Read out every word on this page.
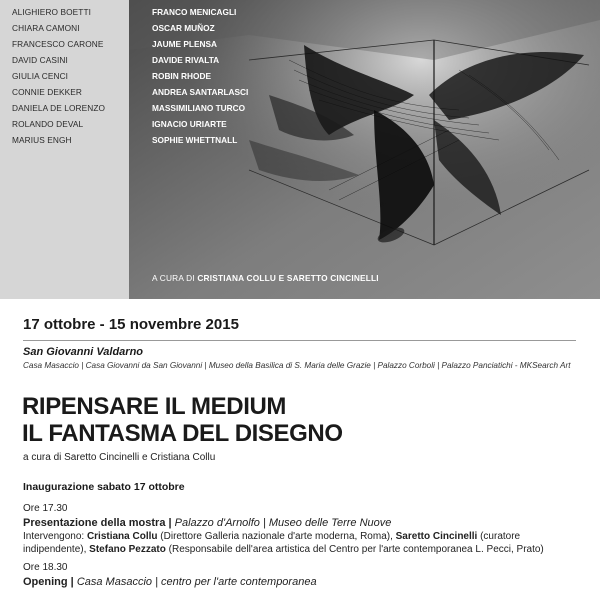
ALIGHIERO BOETTI
CHIARA CAMONI
FRANCESCO CARONE
DAVID CASINI
GIULIA CENCI
CONNIE DEKKER
DANIELA DE LORENZO
ROLANDO DEVAL
MARIUS ENGH
FRANCO MENICAGLI
OSCAR MUÑOZ
JAUME PLENSA
DAVIDE RIVALTA
ROBIN RHODE
ANDREA SANTARLASCI
MASSIMILIANO TURCO
IGNACIO URIARTE
SOPHIE WHETTNALL
A CURA DI CRISTIANA COLLU E SARETTO CINCINELLI
17 ottobre - 15 novembre 2015
San Giovanni Valdarno
Casa Masaccio | Casa Giovanni da San Giovanni | Museo della Basilica di S. Maria delle Grazie | Palazzo Corboli | Palazzo Panciatichi - MKSearch Art
RIPENSARE IL MEDIUM
IL FANTASMA DEL DISEGNO
a cura di Saretto Cincinelli e Cristiana Collu
Inaugurazione sabato 17 ottobre
Ore 17.30
Presentazione della mostra | Palazzo d'Arnolfo | Museo delle Terre Nuove
Intervengono: Cristiana Collu (Direttore Galleria nazionale d'arte moderna, Roma), Saretto Cincinelli (curatore indipendente), Stefano Pezzato (Responsabile dell'area artistica del Centro per l'arte contemporanea L. Pecci, Prato)
Ore 18.30
Opening | Casa Masaccio | centro per l'arte contemporanea
